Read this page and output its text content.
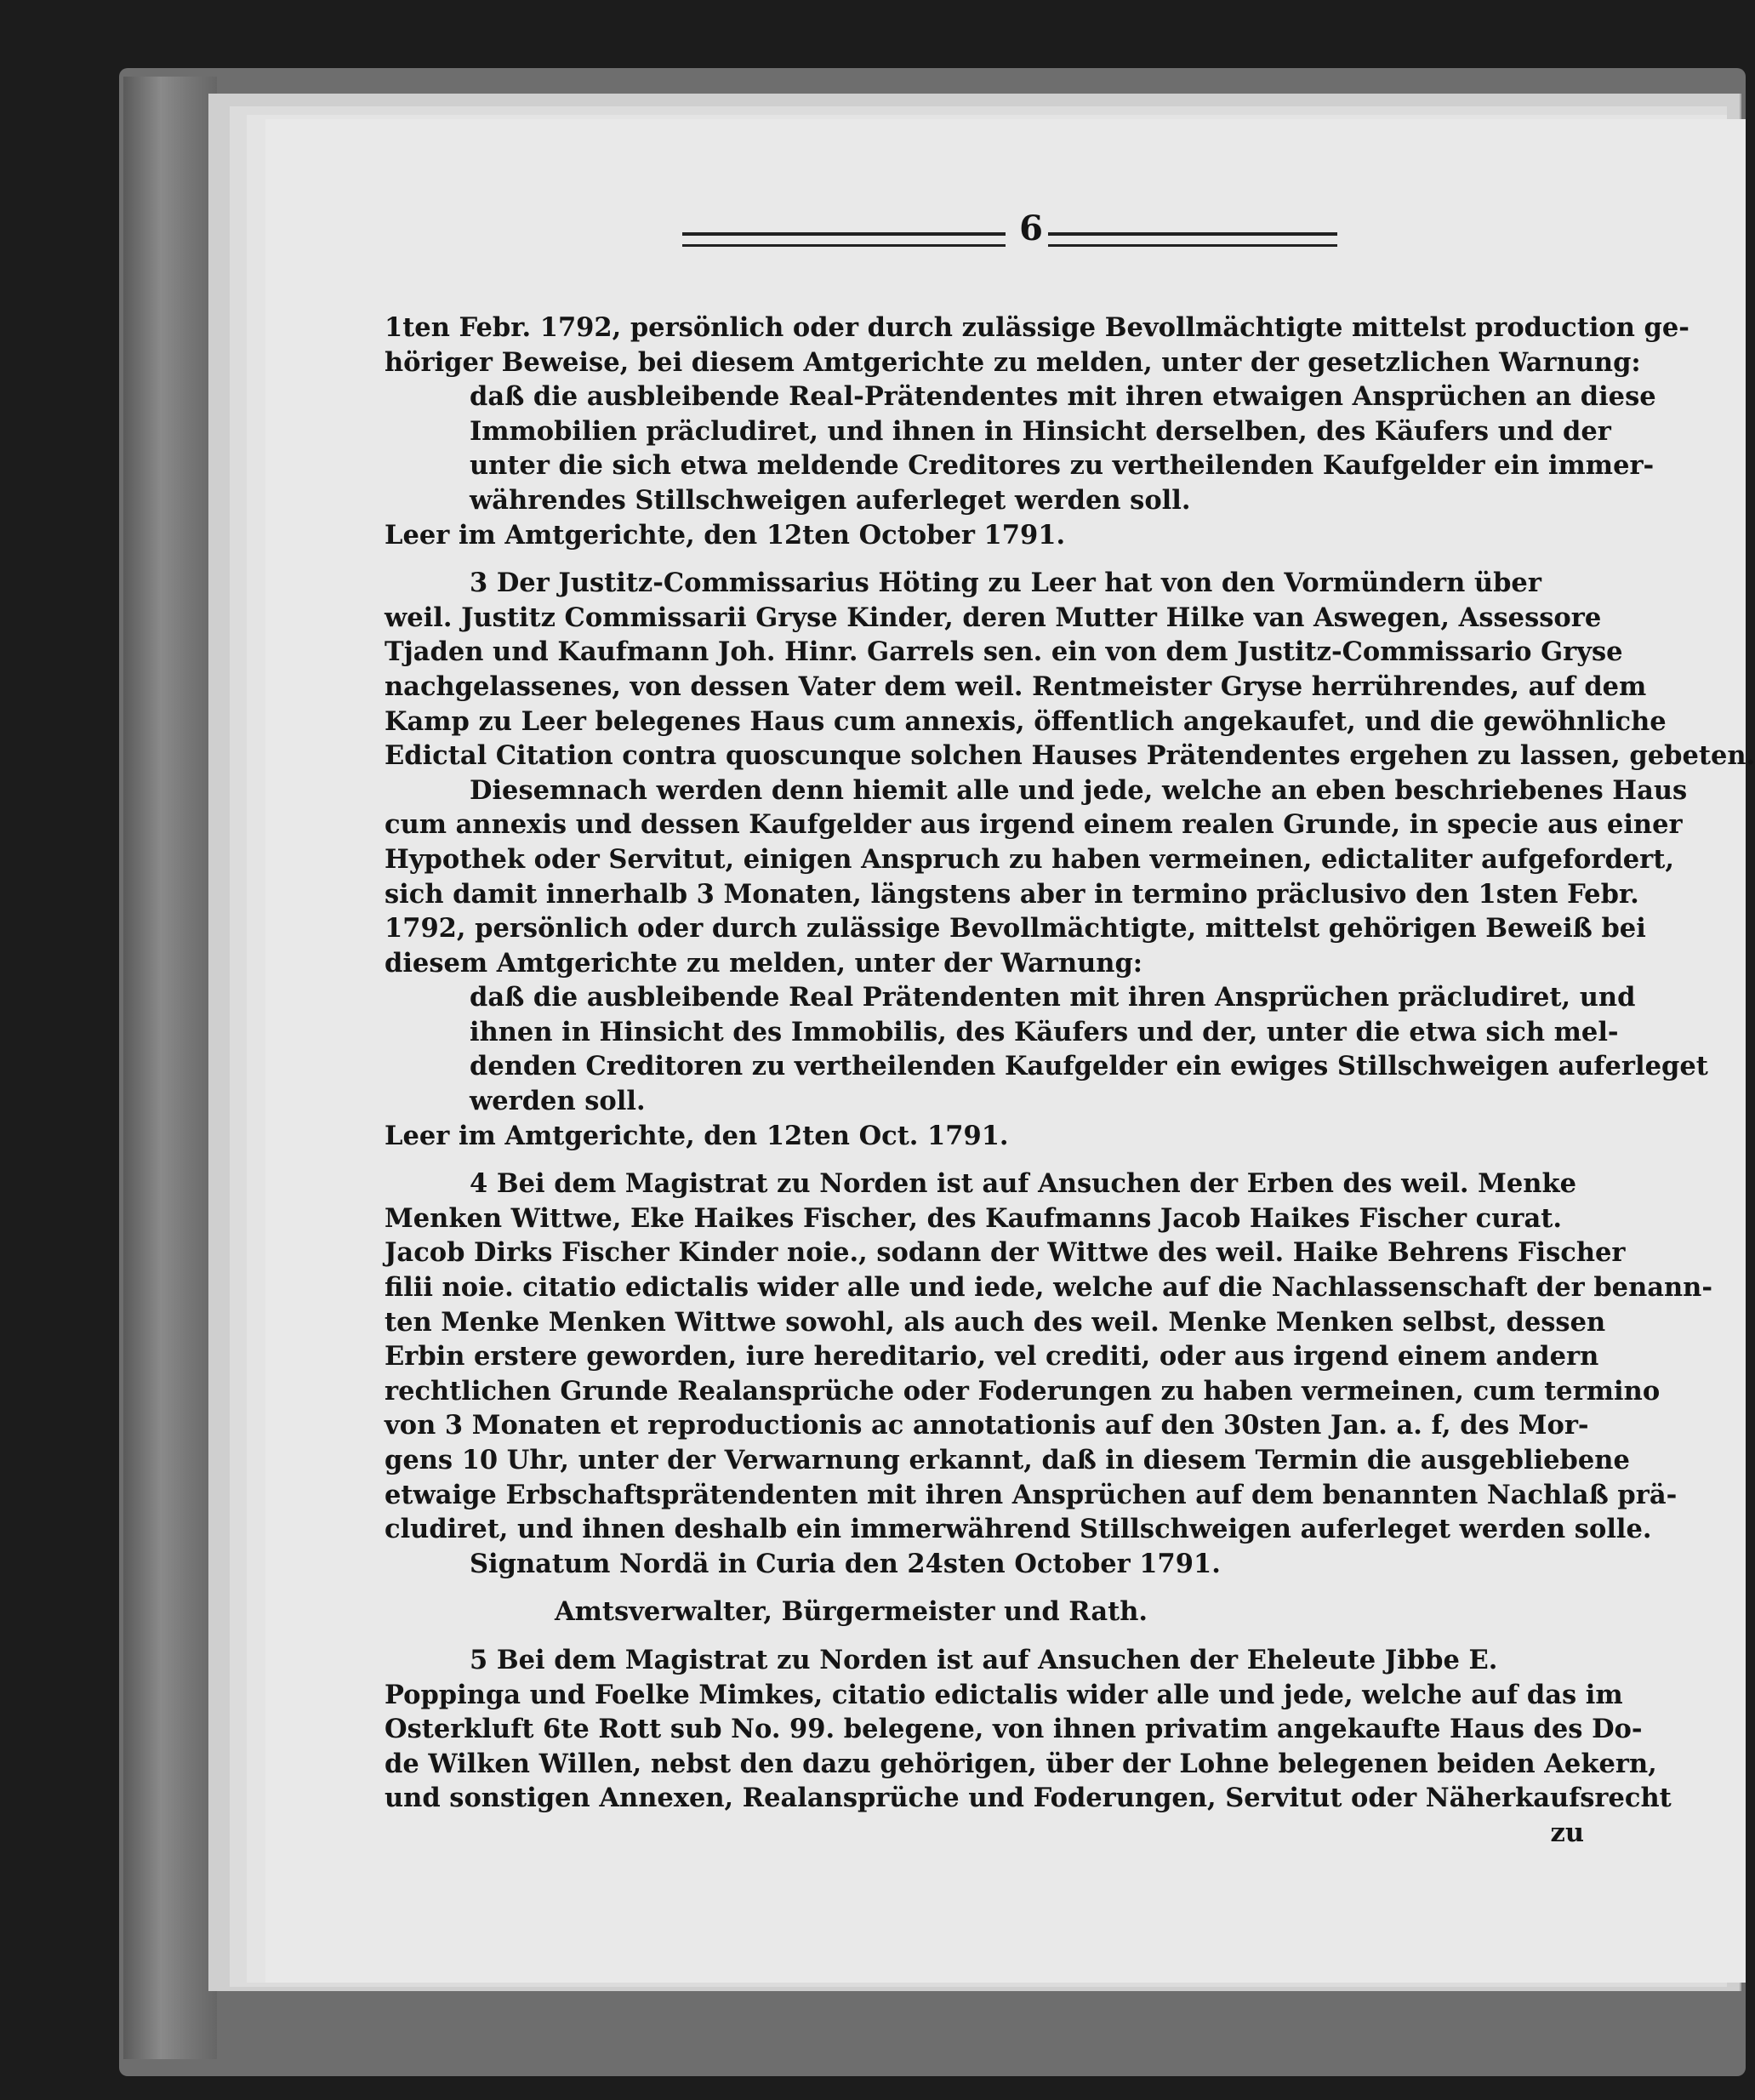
6
1ten Febr. 1792, persönlich oder durch zulässige Bevollmächtigte mittelst production ge-
höriger Beweise, bei diesem Amtgerichte zu melden, unter der gesetzlichen Warnung:
daß die ausbleibende Real-Prätendentes mit ihren etwaigen Ansprüchen an diese
Immobilien präcludiret, und ihnen in Hinsicht derselben, des Käufers und der
unter die sich etwa meldende Creditores zu vertheilenden Kaufgelder ein immer-
währendes Stillschweigen auferleget werden soll.
Leer im Amtgerichte, den 12ten October 1791.
3 Der Justitz-Commissarius Höting zu Leer hat von den Vormündern über
weil. Justitz Commissarii Gryse Kinder, deren Mutter Hilke van Aswegen, Assessore
Tjaden und Kaufmann Joh. Hinr. Garrels sen. ein von dem Justitz-Commissario Gryse
nachgelassenes, von dessen Vater dem weil. Rentmeister Gryse herrührendes, auf dem
Kamp zu Leer belegenes Haus cum annexis, öffentlich angekaufet, und die gewöhnliche
Edictal Citation contra quoscunque solchen Hauses Prätendentes ergehen zu lassen, gebeten.
Diesemnach werden denn hiemit alle und jede, welche an eben beschriebenes Haus
cum annexis und dessen Kaufgelder aus irgend einem realen Grunde, in specie aus einer
Hypothek oder Servitut, einigen Anspruch zu haben vermeinen, edictaliter aufgefordert,
sich damit innerhalb 3 Monaten, längstens aber in termino präclusivo den 1sten Febr.
1792, persönlich oder durch zulässige Bevollmächtigte, mittelst gehörigen Beweiß bei
diesem Amtgerichte zu melden, unter der Warnung:
daß die ausbleibende Real Prätendenten mit ihren Ansprüchen präcludiret, und
ihnen in Hinsicht des Immobilis, des Käufers und der, unter die etwa sich mel-
denden Creditoren zu vertheilenden Kaufgelder ein ewiges Stillschweigen auferleget
werden soll.
Leer im Amtgerichte, den 12ten Oct. 1791.
4 Bei dem Magistrat zu Norden ist auf Ansuchen der Erben des weil. Menke
Menken Wittwe, Eke Haikes Fischer, des Kaufmanns Jacob Haikes Fischer curat.
Jacob Dirks Fischer Kinder noie., sodann der Wittwe des weil. Haike Behrens Fischer
filii noie. citatio edictalis wider alle und iede, welche auf die Nachlassenschaft der benann-
ten Menke Menken Wittwe sowohl, als auch des weil. Menke Menken selbst, dessen
Erbin erstere geworden, iure hereditario, vel crediti, oder aus irgend einem andern
rechtlichen Grunde Realansprüche oder Foderungen zu haben vermeinen, cum termino
von 3 Monaten et reproductionis ac annotationis auf den 30sten Jan. a. f, des Mor-
gens 10 Uhr, unter der Verwarnung erkannt, daß in diesem Termin die ausgebliebene
etwaige Erbschaftsprätendenten mit ihren Ansprüchen auf dem benannten Nachlaß prä-
cludiret, und ihnen deshalb ein immerwährend Stillschweigen auferleget werden solle.
Signatum Nordä in Curia den 24sten October 1791.
Amtsverwalter, Bürgermeister und Rath.
5 Bei dem Magistrat zu Norden ist auf Ansuchen der Eheleute Jibbe E.
Poppinga und Foelke Mimkes, citatio edictalis wider alle und jede, welche auf das im
Osterkluft 6te Rott sub No. 99. belegene, von ihnen privatim angekaufte Haus des Do-
de Wilken Willen, nebst den dazu gehörigen, über der Lohne belegenen beiden Aekern,
und sonstigen Annexen, Realansprüche und Foderungen, Servitut oder Näherkaufsrecht
zu
